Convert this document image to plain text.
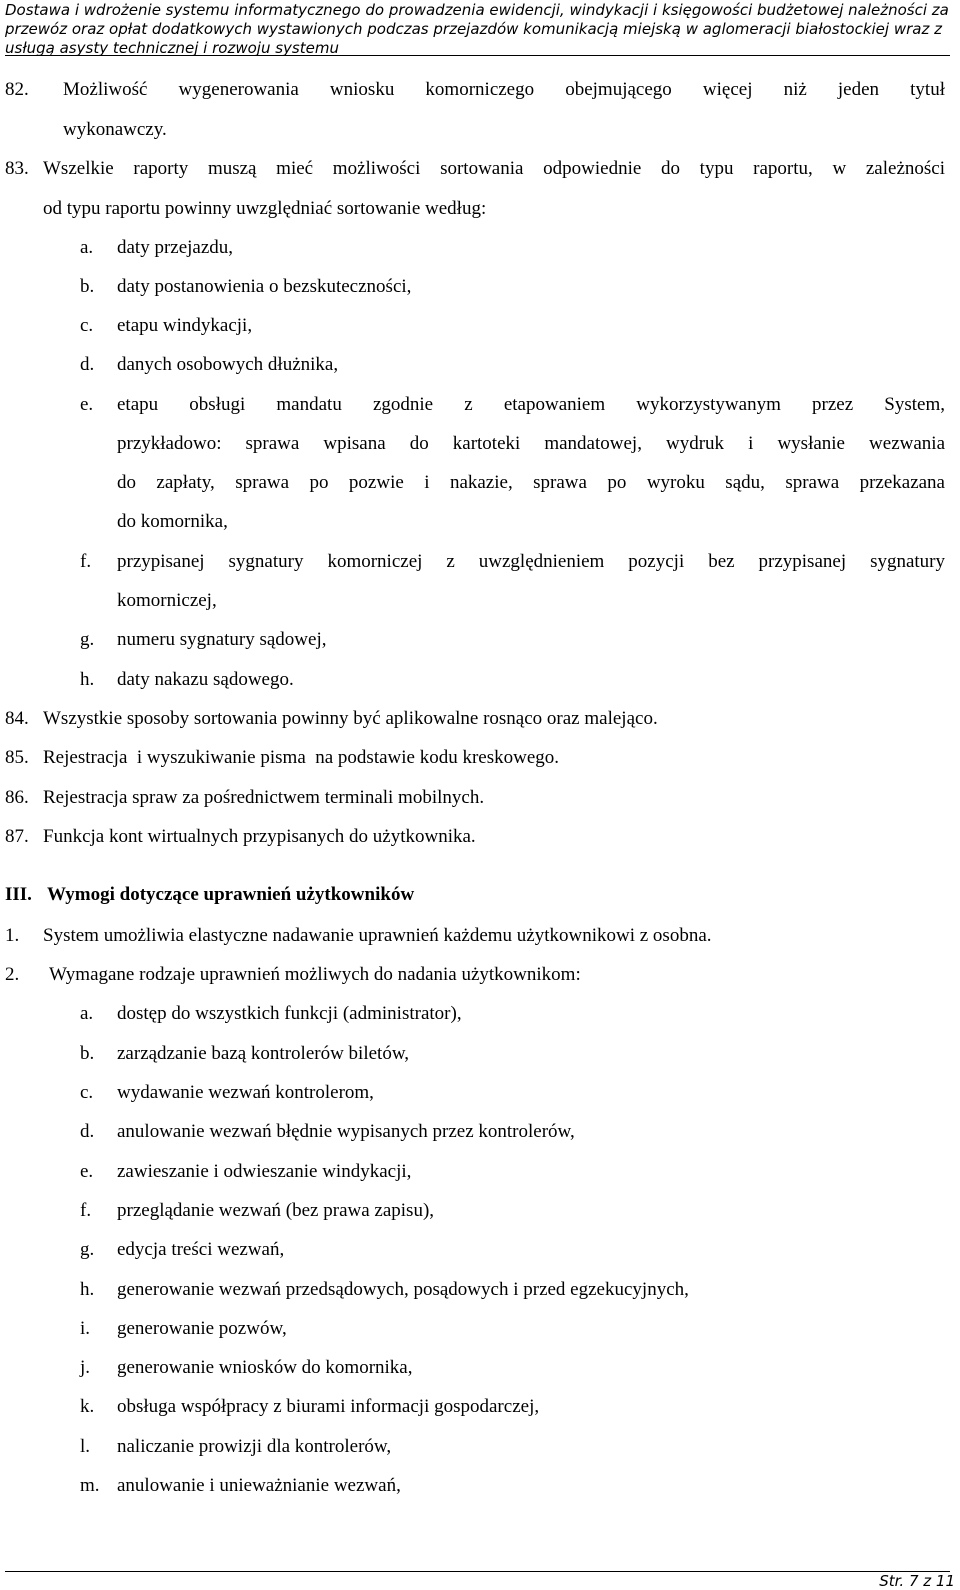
Dostawa i wdrożenie systemu informatycznego do prowadzenia ewidencji, windykacji i księgowości budżetowej należności za przewóz oraz opłat dodatkowych wystawionych podczas przejazdów komunikacją miejską w aglomeracji białostockiej wraz z usługą asysty technicznej i rozwoju systemu
82. Możliwość wygenerowania wniosku komorniczego obejmującego więcej niż jeden tytuł
wykonawczy.
83. Wszelkie raporty muszą mieć możliwości sortowania odpowiednie do typu raportu, w zależności
od typu raportu powinny uwzględniać sortowanie według:
a. daty przejazdu,
b. daty postanowienia o bezskuteczności,
c. etapu windykacji,
d. danych osobowych dłużnika,
e. etapu obsługi mandatu zgodnie z etapowaniem wykorzystywanym przez System,
przykładowo: sprawa wpisana do kartoteki mandatowej, wydruk i wysłanie wezwania
do zapłaty, sprawa po pozwie i nakazie, sprawa po wyroku sądu, sprawa przekazana
do komornika,
f. przypisanej sygnatury komorniczej z uwzględnieniem pozycji bez przypisanej sygnatury
komorniczej,
g. numeru sygnatury sądowej,
h. daty nakazu sądowego.
84. Wszystkie sposoby sortowania powinny być aplikowalne rosnąco oraz malejąco.
85. Rejestracja  i wyszukiwanie pisma  na podstawie kodu kreskowego.
86. Rejestracja spraw za pośrednictwem terminali mobilnych.
87. Funkcja kont wirtualnych przypisanych do użytkownika.
III. Wymogi dotyczące uprawnień użytkowników
1. System umożliwia elastyczne nadawanie uprawnień każdemu użytkownikowi z osobna.
2. Wymagane rodzaje uprawnień możliwych do nadania użytkownikom:
a. dostęp do wszystkich funkcji (administrator),
b. zarządzanie bazą kontrolerów biletów,
c. wydawanie wezwań kontrolerom,
d. anulowanie wezwań błędnie wypisanych przez kontrolerów,
e. zawieszanie i odwieszanie windykacji,
f. przeglądanie wezwań (bez prawa zapisu),
g. edycja treści wezwań,
h. generowanie wezwań przedsądowych, posądowych i przed egzekucyjnych,
i. generowanie pozwów,
j. generowanie wniosków do komornika,
k. obsługa współpracy z biurami informacji gospodarczej,
l. naliczanie prowizji dla kontrolerów,
m. anulowanie i unieważnianie wezwań,
Str. 7 z 11
